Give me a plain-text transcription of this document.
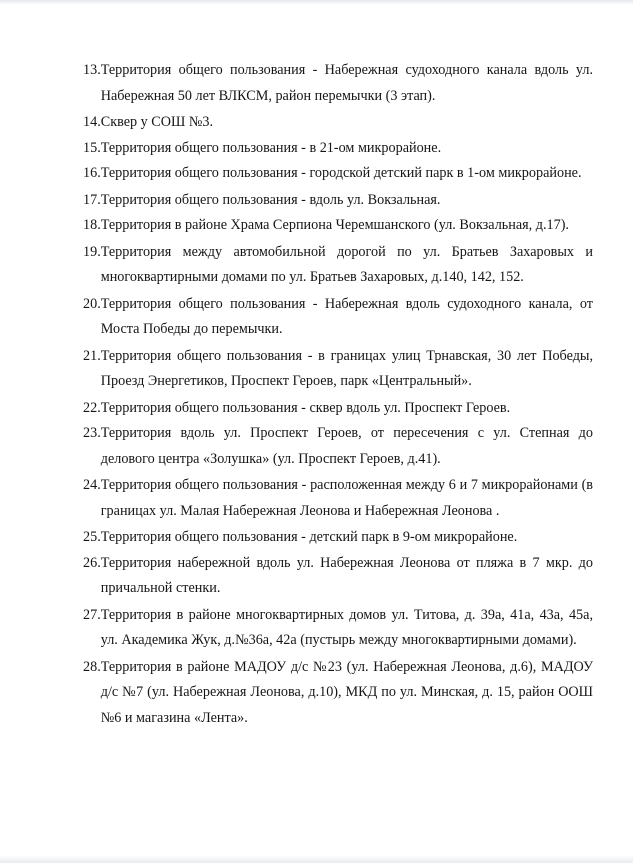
13. Территория общего пользования - Набережная судоходного канала вдоль ул. Набережная 50 лет ВЛКСМ, район перемычки (3 этап).
14. Сквер у СОШ №3.
15. Территория общего пользования - в 21-ом микрорайоне.
16. Территория общего пользования - городской детский парк в 1-ом микрорайоне.
17. Территория общего пользования - вдоль ул. Вокзальная.
18. Территория в районе Храма Серпиона Черемшанского (ул. Вокзальная, д.17).
19. Территория между автомобильной дорогой по ул. Братьев Захаровых и многоквартирными домами по ул. Братьев Захаровых, д.140, 142, 152.
20. Территория общего пользования - Набережная вдоль судоходного канала, от Моста Победы до перемычки.
21. Территория общего пользования - в границах улиц Трнавская, 30 лет Победы, Проезд Энергетиков, Проспект Героев, парк «Центральный».
22. Территория общего пользования - сквер вдоль ул. Проспект Героев.
23. Территория вдоль ул. Проспект Героев, от пересечения с ул. Степная до делового центра «Золушка» (ул. Проспект Героев, д.41).
24. Территория общего пользования - расположенная между 6 и 7 микрорайонами (в границах ул. Малая Набережная Леонова и Набережная Леонова .
25. Территория общего пользования - детский парк в 9-ом микрорайоне.
26. Территория набережной вдоль ул. Набережная Леонова от пляжа в 7 мкр. до причальной стенки.
27. Территория в районе многоквартирных домов ул. Титова, д. 39а, 41а, 43а, 45а, ул. Академика Жук, д.№36а, 42а (пустырь между многоквартирными домами).
28. Территория в районе МАДОУ д/с №23 (ул. Набережная Леонова, д.6), МАДОУ д/с №7 (ул. Набережная Леонова, д.10), МКД по ул. Минская, д. 15, район ООШ №6 и магазина «Лента».
